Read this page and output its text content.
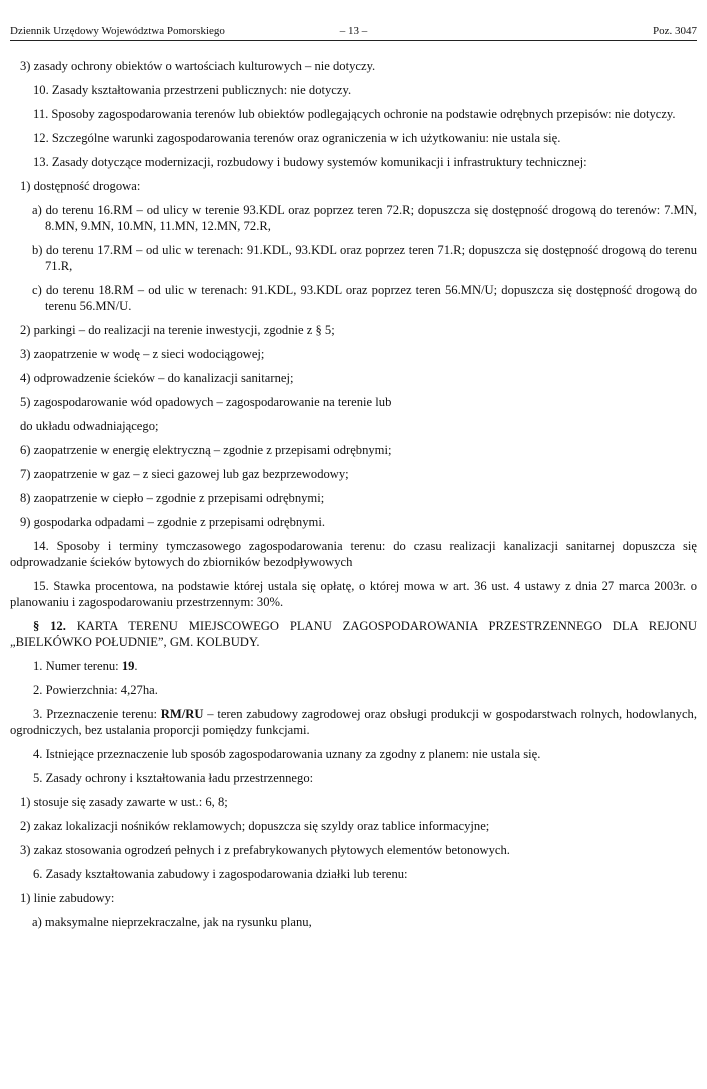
Dziennik Urzędowy Województwa Pomorskiego	– 13 –	Poz. 3047

3) zasady ochrony obiektów o wartościach kulturowych – nie dotyczy.

10. Zasady kształtowania przestrzeni publicznych: nie dotyczy.

11. Sposoby zagospodarowania terenów lub obiektów podlegających ochronie na podstawie odrębnych przepisów: nie dotyczy.

12. Szczególne warunki zagospodarowania terenów oraz ograniczenia w ich użytkowaniu: nie ustala się.

13. Zasady dotyczące modernizacji, rozbudowy i budowy systemów komunikacji i infrastruktury technicznej:

1) dostępność drogowa:

a) do terenu 16.RM – od ulicy w terenie 93.KDL oraz poprzez teren 72.R; dopuszcza się dostępność drogową do terenów: 7.MN, 8.MN, 9.MN, 10.MN, 11.MN, 12.MN, 72.R,

b) do terenu 17.RM – od ulic w terenach: 91.KDL, 93.KDL oraz poprzez teren 71.R; dopuszcza się dostępność drogową do terenu 71.R,

c) do terenu 18.RM – od ulic w terenach: 91.KDL, 93.KDL oraz poprzez teren 56.MN/U; dopuszcza się dostępność drogową do terenu 56.MN/U.

2) parkingi – do realizacji na terenie inwestycji, zgodnie z § 5;

3) zaopatrzenie w wodę – z sieci wodociągowej;

4) odprowadzenie ścieków – do kanalizacji sanitarnej;

5) zagospodarowanie wód opadowych – zagospodarowanie na terenie lub

do układu odwadniającego;

6) zaopatrzenie w energię elektryczną – zgodnie z przepisami odrębnymi;

7) zaopatrzenie w gaz – z sieci gazowej lub gaz bezprzewodowy;

8) zaopatrzenie w ciepło – zgodnie z przepisami odrębnymi;

9) gospodarka odpadami – zgodnie z przepisami odrębnymi.

14. Sposoby i terminy tymczasowego zagospodarowania terenu: do czasu realizacji kanalizacji sanitarnej dopuszcza się odprowadzanie ścieków bytowych do zbiorników bezodpływowych

15. Stawka procentowa, na podstawie której ustala się opłatę, o której mowa w art. 36 ust. 4 ustawy z dnia 27 marca 2003r. o planowaniu i zagospodarowaniu przestrzennym: 30%.

§ 12. KARTA TERENU MIEJSCOWEGO PLANU ZAGOSPODAROWANIA PRZESTRZENNEGO DLA REJONU „BIELKÓWKO POŁUDNIE”, GM. KOLBUDY.

1. Numer terenu: 19.

2. Powierzchnia: 4,27ha.

3. Przeznaczenie terenu: RM/RU – teren zabudowy zagrodowej oraz obsługi produkcji w gospodarstwach rolnych, hodowlanych, ogrodniczych, bez ustalania proporcji pomiędzy funkcjami.

4. Istniejące przeznaczenie lub sposób zagospodarowania uznany za zgodny z planem: nie ustala się.

5. Zasady ochrony i kształtowania ładu przestrzennego:

1) stosuje się zasady zawarte w ust.: 6, 8;

2) zakaz lokalizacji nośników reklamowych; dopuszcza się szyldy oraz tablice informacyjne;

3) zakaz stosowania ogrodzeń pełnych i z prefabrykowanych płytowych elementów betonowych.

6. Zasady kształtowania zabudowy i zagospodarowania działki lub terenu:

1) linie zabudowy:

a) maksymalne nieprzekraczalne, jak na rysunku planu,
